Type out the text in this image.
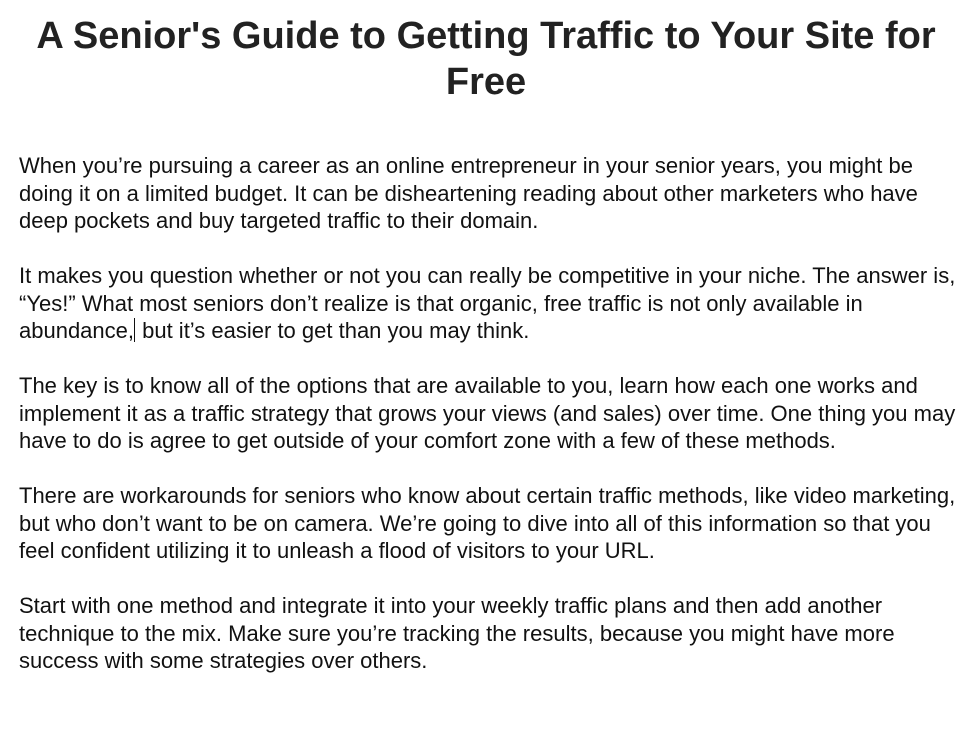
A Senior's Guide to Getting Traffic to Your Site for Free

When you’re pursuing a career as an online entrepreneur in your senior years, you might be doing it on a limited budget. It can be disheartening reading about other marketers who have deep pockets and buy targeted traffic to their domain.

It makes you question whether or not you can really be competitive in your niche. The answer is, “Yes!” What most seniors don’t realize is that organic, free traffic is not only available in abundance, but it’s easier to get than you may think.

The key is to know all of the options that are available to you, learn how each one works and implement it as a traffic strategy that grows your views (and sales) over time. One thing you may have to do is agree to get outside of your comfort zone with a few of these methods.

There are workarounds for seniors who know about certain traffic methods, like video marketing, but who don’t want to be on camera. We’re going to dive into all of this information so that you feel confident utilizing it to unleash a flood of visitors to your URL.

Start with one method and integrate it into your weekly traffic plans and then add another technique to the mix. Make sure you’re tracking the results, because you might have more success with some strategies over others.
